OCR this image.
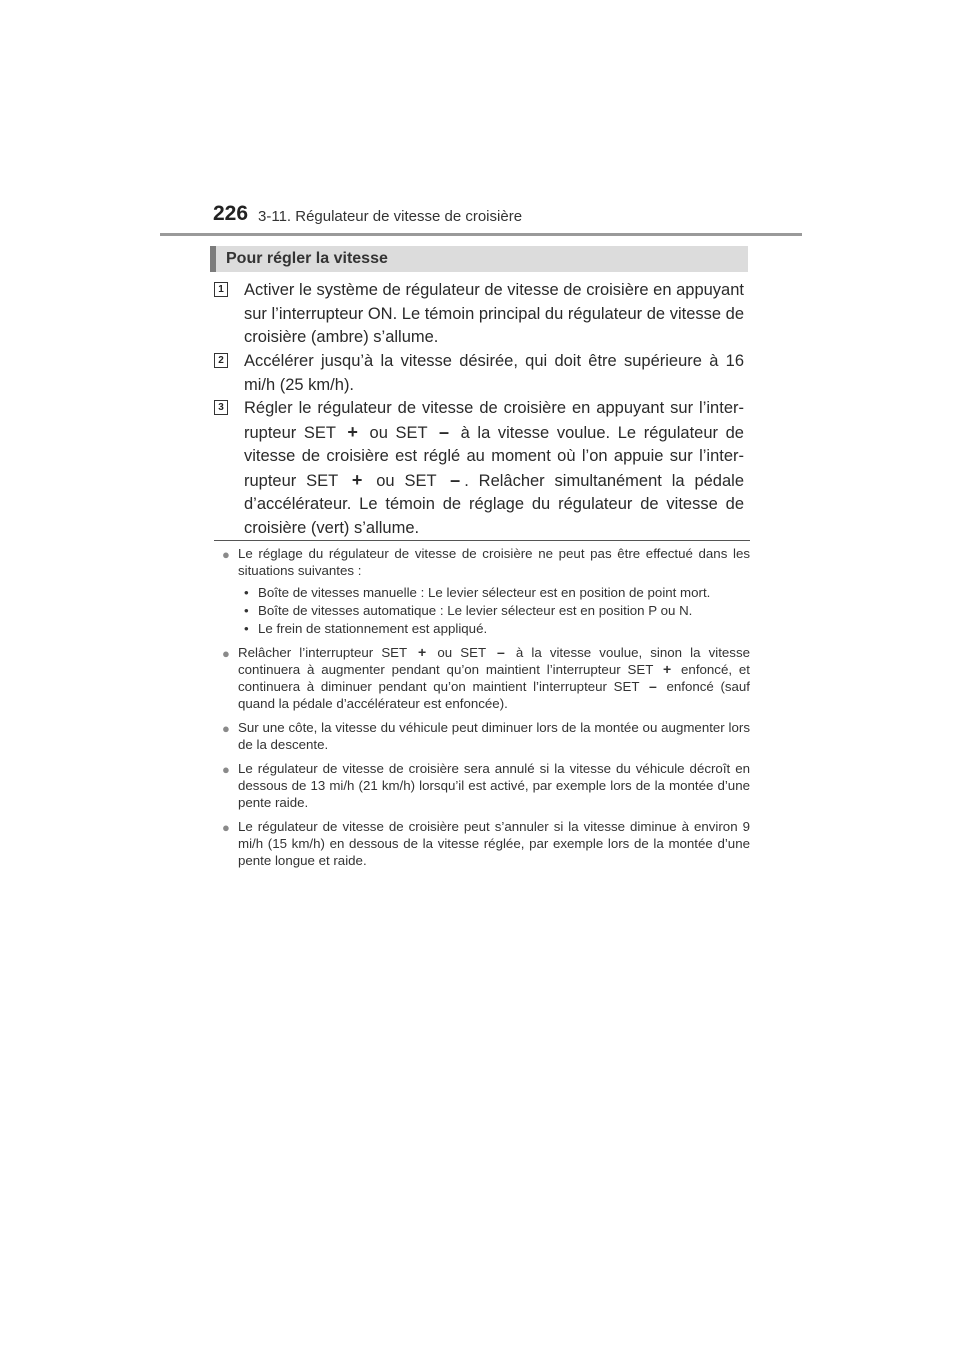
226 3-11. Régulateur de vitesse de croisière
Pour régler la vitesse
1 Activer le système de régulateur de vitesse de croisière en appuyant sur l’interrupteur ON. Le témoin principal du régulateur de vitesse de croisière (ambre) s’allume.
2 Accélérer jusqu’à la vitesse désirée, qui doit être supérieure à 16 mi/h (25 km/h).
3 Régler le régulateur de vitesse de croisière en appuyant sur l’interrupteur SET + ou SET – à la vitesse voulue. Le régulateur de vitesse de croisière est réglé au moment où l’on appuie sur l’interrupteur SET + ou SET – . Relâcher simultanément la pédale d’accélérateur. Le témoin de réglage du régulateur de vitesse de croisière (vert) s’allume.
● Le réglage du régulateur de vitesse de croisière ne peut pas être effectué dans les situations suivantes :
• Boîte de vitesses manuelle : Le levier sélecteur est en position de point mort.
• Boîte de vitesses automatique : Le levier sélecteur est en position P ou N.
• Le frein de stationnement est appliqué.
● Relâcher l’interrupteur SET + ou SET – à la vitesse voulue, sinon la vitesse continuera à augmenter pendant qu’on maintient l’interrupteur SET + enfoncé, et continuera à diminuer pendant qu’on maintient l’interrupteur SET – enfoncé (sauf quand la pédale d’accélérateur est enfoncée).
● Sur une côte, la vitesse du véhicule peut diminuer lors de la montée ou augmenter lors de la descente.
● Le régulateur de vitesse de croisière sera annulé si la vitesse du véhicule décroît en dessous de 13 mi/h (21 km/h) lorsqu’il est activé, par exemple lors de la montée d’une pente raide.
● Le régulateur de vitesse de croisière peut s’annuler si la vitesse diminue à environ 9 mi/h (15 km/h) en dessous de la vitesse réglée, par exemple lors de la montée d’une pente longue et raide.
